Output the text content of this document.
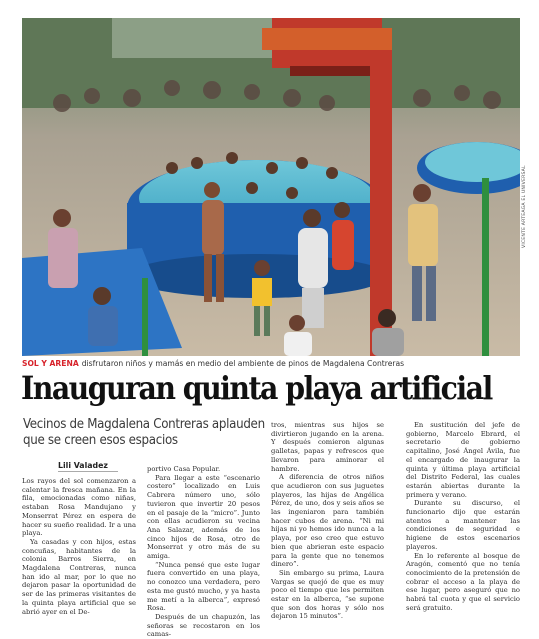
VICENTE ARTEAGA EL UNIVERSAL
SOL Y ARENA disfrutaron niños y mamás en medio del ambiente de pinos de Magdalena Contreras
Inauguran quinta playa artificial
Vecinos de Magdalena Contreras aplauden que se creen esos espacios
Lili Valadez

Los rayos del sol comenzaron a calentar la fresca mañana. En la fila, emocionadas como niñas, estaban Rosa Mandujano y Monserrat Pérez en espera de hacer su sueño realidad. Ir a una playa.

Ya casadas y con hijos, estas concuñas, habitantes de la colonia Barros Sierra, en Magdalena Contreras, nunca han ido al mar, por lo que no dejaron pasar la oportunidad de ser de las primeras visitantes de la quinta playa artificial que se abrió ayer en el De-

portivo Casa Popular.

Para llegar a este “escenario costero” localizado en Luis Cabrera número uno, sólo tuvieron que invertir 20 pesos en el pasaje de la “micro”. Junto con ellas acudieron su vecina Ana Salazar, además de los cinco hijos de Rosa, otro de Monserrat y otro más de su amiga.

“Nunca pensé que este lugar fuera convertido en una playa, no conozco una verdadera, pero esta me gustó mucho, y ya hasta me metí a la alberca”, expresó Rosa.

Después de un chapuzón, las señoras se recostaron en los camas-

tros, mientras sus hijos se divirtieron jugando en la arena. Y después comieron algunas galletas, papas y refrescos que llevaron para aminorar el hambre.

A diferencia de otros niños que acudieron con sus juguetes playeros, las hijas de Angélica Pérez, de uno, dos y seis años se las ingeniaron para también hacer cubos de arena. “Ni mi hijas ni yo hemos ido nunca a la playa, por eso creo que estuvo bien que abrieran este espacio para la gente que no tenemos dinero”.

Sin embargo su prima, Laura Vargas se quejó de que es muy poco el tiempo que les permiten estar en la alberca, “se supone que son dos horas y sólo nos dejaron 15 minutos”.

En sustitución del jefe de gobierno, Marcelo Ebrard, el secretario de gobierno capitalino, José Ángel Ávila, fue el encargado de inaugurar la quinta y última playa artificial del Distrito Federal, las cuales estarán abiertas durante la primera y verano.

Durante su discurso, el funcionario dijo que estarán atentos a mantener las condiciones de seguridad e higiene de estos escenarios playeros.

En lo referente al bosque de Aragón, comentó que no tenía conocimiento de la pretensión de cobrar el acceso a la playa de ese lugar, pero aseguró que no habrá tal cuota y que el servicio será gratuito.
